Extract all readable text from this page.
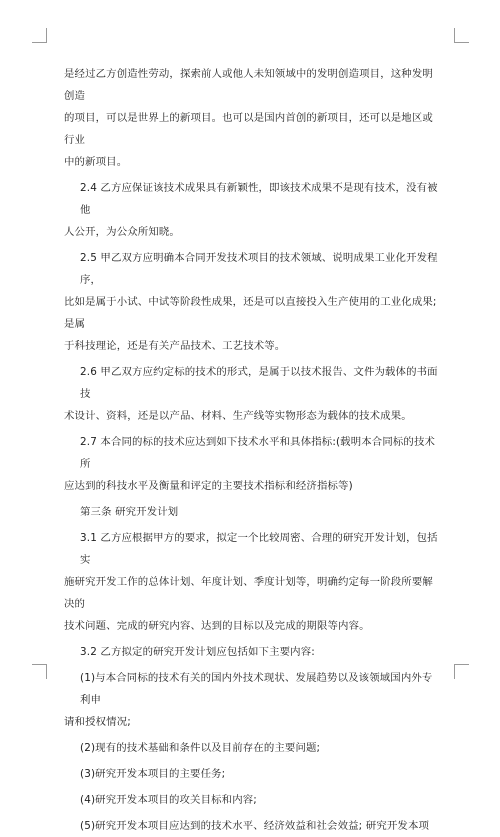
是经过乙方创造性劳动，探索前人或他人未知领域中的发明创造项目，这种发明创造

的项目，可以是世界上的新项目。也可以是国内首创的新项目，还可以是地区或行业

中的新项目。

2.4 乙方应保证该技术成果具有新颖性，即该技术成果不是现有技术，没有被他

人公开，为公众所知晓。

2.5 甲乙双方应明确本合同开发技术项目的技术领域、说明成果工业化开发程序，

比如是属于小试、中试等阶段性成果，还是可以直接投入生产使用的工业化成果;是属

于科技理论，还是有关产品技术、工艺技术等。

2.6 甲乙双方应约定标的技术的形式，是属于以技术报告、文件为载体的书面技

术设计、资料，还是以产品、材料、生产线等实物形态为载体的技术成果。

2.7 本合同的标的技术应达到如下技术水平和具体指标:(载明本合同标的技术所

应达到的科技水平及衡量和评定的主要技术指标和经济指标等)

第三条 研究开发计划

3.1 乙方应根据甲方的要求，拟定一个比较周密、合理的研究开发计划，包括实

施研究开发工作的总体计划、年度计划、季度计划等，明确约定每一阶段所要解决的

技术问题、完成的研究内容、达到的目标以及完成的期限等内容。

3.2 乙方拟定的研究开发计划应包括如下主要内容:

(1)与本合同标的技术有关的国内外技术现状、发展趋势以及该领域国内外专利申

请和授权情况;

(2)现有的技术基础和条件以及目前存在的主要问题;

(3)研究开发本项目的主要任务;

(4)研究开发本项目的攻关目标和内容;

(5)研究开发本项目应达到的技术水平、经济效益和社会效益; 研究开发本项
